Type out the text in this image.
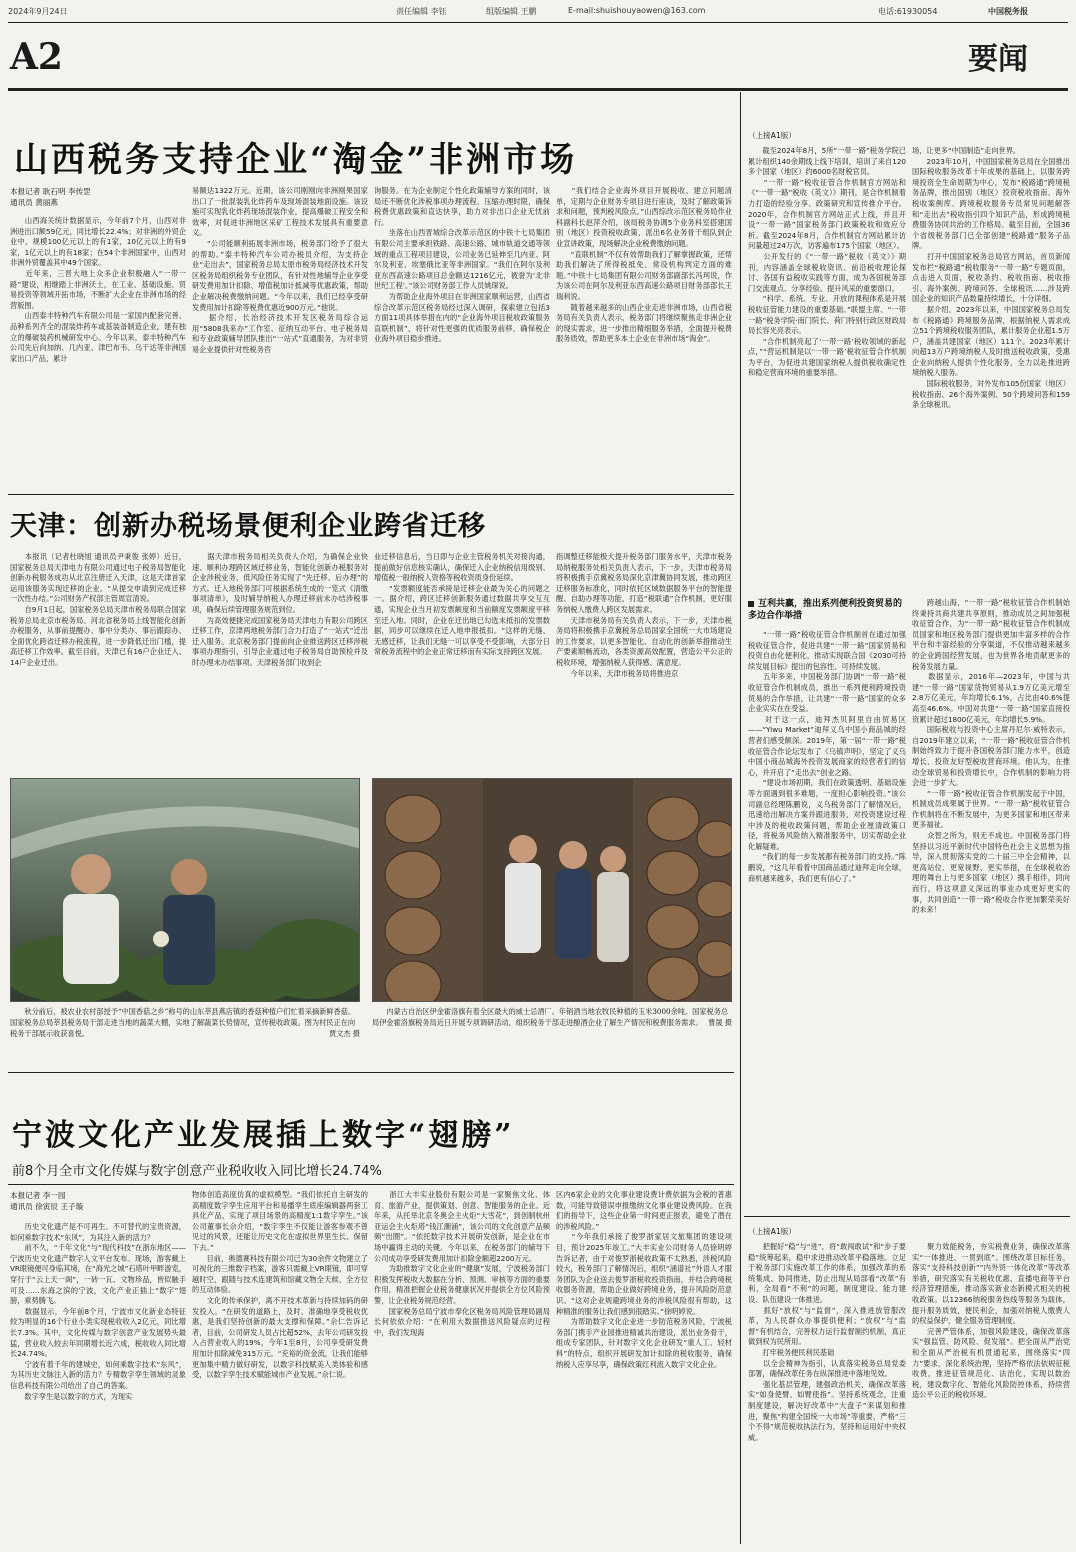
2024年9月24日	责任编辑 李钰	组版编辑 王鹏	E-mail:shuishouyaowen@163.com	电话:61930054	中国税务报
A2	要闻
山西税务支持企业“淘金”非洲市场
本报记者 耿石明 李传罡
通讯员 黄丽燕
　　山西海关统计数据显示，今年前7个月，山西对非洲进出口额59亿元，同比增长22.4%；对非洲的外贸企业中，规模100亿元以上的有1家，10亿元以上的有9家，1亿元以上的有18家；在54个非洲国家中，山西对非洲外贸覆盖其中49个国家。
　　近年来，三晋大地上众多企业积极融入“一带一路”建设，相继踏上非洲沃土，在工业、基础设施、贸易投资等领域开拓市场，不断扩大企业在非洲市场的经营版图。
　　山西泰丰特种汽车有限公司是一家国内配套完善、品种系列齐全的混装炸药车或基装备制造企业，建有独立的爆破装药机械研发中心。今年以来，泰丰特种汽车公司先后向加纳、几内亚、津巴布韦、乌干达等非洲国家出口产品，累计
易额达1322万元。近期，该公司刚刚向非洲刚果国家出口了一批混装乳化炸药车及现场混装地面设施。该设施可实现乳化炸药现场混装作业，提高爆破工程安全和效率，对促进非洲地区采矿工程技术发展具有重要意义。
　　“公司能顺利拓展非洲市场，税务部门给予了很大的帮助。”泰丰特种汽车公司办税员介绍，为支持企业“走出去”，国家税务总局太原市税务局经济技术开发区税务局组织税务专业团队，有针对性地辅导企业享受研发费用加计扣除、增值税加计抵减等优惠政策，帮助企业解决税费缴纳问题。“今年以来，我们已经享受研发费用加计扣除等税费优惠近900万元。”他说。
　　据介绍，长治经济技术开发区税务局综合运用“5808我来办”工作室、征纳互动平台、电子税务局和专业政策辅导团队推出“一站式”直通服务，为对非贸易企业提供针对性税务咨
询服务。在为企业制定个性化政策辅导方案的同时，该局还不断优化涉税事项办理流程、压缩办理时限，确保税费优惠政策和直达快享，助力对非出口企业无忧前行。
　　坐落在山西晋城综合改革示范区的中铁十七局集团有限公司主要承担铁路、高速公路、城市轨道交通等领域的重点工程项目建设，公司业务已延伸至几内亚、阿尔及利亚、埃塞俄比亚等非洲国家。“我们在阿尔及利亚东西高速公路项目总金额达1216亿元，被誉为‘北非世纪工程’。”该公司财务部工作人员姚琛说。
　　为帮助企业海外项目在非洲国家顺利运营，山西省综合改革示范区税务局经过深入调研，探索建立包括3方面11项具体举措在内的“企业海外项目税收政策服务直联机制”，将针对性更强的优质服务前移，确保税企业海外项目稳步推进。
　　“我们结合企业海外项目开展税收、建立问题清单，定期与企业财务专项目进行座谈，及时了解政策诉求和问题，预判税风险点。”山西综改示范区税务局作业科副科长赵萍介绍，该局税务协调5个业务科室搭建国别（地区）投资税收政策，派出6名业务骨干组队到企业宣讲政策，现场解决企业税费缴纳问题。
　　“直联机制”不仅有效帮助我们了解掌握政策，还帮助我们解决了所得税抵免、常设机构判定方面的难题。”中铁十七局集团有限公司财务部副部长冯珂说，作为该公司在阿尔及利亚东西高速公路项目财务部部长王瑞利说。
　　随着越来越多的山西企业走进非洲市场，山西省税务局有关负责人表示，税务部门将继续聚焦走非洲企业的现实需求，进一步推出精细服务举措，全面提升税费服务质效，帮助更多本土企业在非洲市场“淘金”。
天津：创新办税场景便利企业跨省迁移
　　本报讯（记者杜晓旭 通讯员尹秉俊 张婷）近日，国家税务总局天津电力有限公司通过电子税务局智能化创新办税服务成功从北京注册迁入天津，这是天津首家运用该服务实现迁移的企业。“从提交申请到完成迁移一次性办结。”公司财务产权部主管周宣清说。
　　自9月1日起，国家税务总局天津市税务局联合国家税务总局北京市税务局、河北省税务局上线智能化创新办税服务，从事前提醒办、事中分类办、事后跟踪办、全面优化跨省迁移办税流程，进一步降低迁出门槛，提高迁移工作效率。截至目前，天津已有16户企业迁入、14户企业迁出。
　　据天津市税务局相关负责人介绍，为确保企业快速、顺利办理跨区域迁移业务，智能化创新办税服务对企业涉税业务、低风险任务实现了“先迁移、后办理”的方式。迁入地税务部门可根据系统生成的一览式《清缴事项清单》，及时辅导纳税人办理迁移前未办结涉税事项，确保后续管理服务规范到位。
　　为高效便捷完成国家税务局天津电力有限公司跨区迁移工作，京津两地税务部门合力打造了“一站式”迁出迁入服务。北京税务部门提前向企业推送跨区迁移涉税事项办理指引，引导企业通过电子税务局自助预检并及时办理未办结事项。天津税务部门收到企
业迁移信息后，当日即与企业主管税务机关对接沟通，提前做好信息核实确认，确保迁入企业纳税信用级别、增值税一般纳税人资格等税收资质身份延续。
　　“发票额度能否承接是迁移企业最为关心的问题之一。据介绍，跨区迁移创新服务通过数据共享交互互通，实现企业当月初发票额度和当前额度发票额度平移至迁入地。同时，企业在迁出地已勾选未抵扣的发票数据，同步可以继续在迁入地申报抵扣。“这样的无缝、无感迁移，让我们无缝一可以享受不受影响，大部分日常税务流程中的企业正常迁移而有实际支持跨区发展。
指调整迁移能极大提升税务部门服务水平，天津市税务局纳税服务处相关负责人表示，下一步，天津市税务局将积极携手京冀税务局深化京津冀协同发展，推动跨区迁移服务标准化，同时依托区域数据服务平台的智能提醒、自助办理等功能，打造“税联通”合作机制，更好服务纳税人缴费人跨区发展需求。
　　天津市税务局有关负责人表示，下一步，天津市税务局将积极携手京冀税务总局国家全国统一大市场建设的工作要求，以更多智能化、自动化的创新举措推动生产要素顺畅流动，各类资源高效配置，营造公平公正的税收环境，增强纳税人获得感、满意度。
　　今年以来，天津市税务局将推进京
　　秋分前后，被农业农村部授予“中国香菇之乡”称号的山东莘县燕店镇的香菇种植户们忙着采摘新鲜香菇。国家税务总局莘县税务局干部走进当地的蔬菜大棚，实地了解蔬菜长势情况，宣传税收政策。图为村民正在向税务干部展示收获喜悦。	贾文杰 摄
　　内蒙古自治区伊金霍洛旗有着全区最大的威士忌酒厂。年销酒当地农牧民种植的玉米3000余吨。国家税务总局伊金霍洛旗税务局近日开展专项调研活动，组织税务干部走进酿酒企业了解生产情况和税费服务需求。 曹晟 摄
宁波文化产业发展插上数字“翅膀”
前8个月全市文化传媒与数字创意产业税收收入同比增长24.74%
本报记者 李一园
通讯员 徐寅辰 王子璇
　　历史文化遗产是不可再生、不可替代的宝贵资源，如何乘数字技术“东风”，为其注入新的活力？
　　前不久，“千年文化”与“现代科技”在浙东地区——宁波历史文化遗产数字人文平台发布。现场，游客戴上VR眼镜便可身临其境，在“海光之城”石塔叶甲畔游览，穿行于“云上天一阁”，一砖一瓦、文物珍品，皆似触手可及……东海之滨的宁波，文化产业正插上“数字”翅膀，乘势腾飞。
　　数据显示，今年前8个月，宁波市文化新业态特征较为明显的16个行业小类实现税收收入2亿元，同比增长7.3%。其中，文化传媒与数字创意产业发展势头最猛，营业收入较去年同期增长近六成，税收收入同比增长24.74%。
　　宁波有着千年的建城史，如何乘数字技术“东风”，为其历史文脉注入新的活力？专精数字孪生领域的灵象信息科技有限公司给出了自己的答案。
　　数字孪生是以数字的方式，为现实
物体创造高度仿真的虚拟模型。“我们依托自主研发的高精度数字孪生应用平台和易播孪生底座编辑器两套工具化产品，实现了项目场景的高精度1:1数字孪生。”该公司董事长佘介绍，“数字孪生不仅能让游客参观不曾见过的风景，还能让历史文化在虚拟世界里生长、保留下去。”
　　目前，奥德赛科技有限公司已为30余件文物建立了可视化的三维数字档案，游客只需戴上VR眼镜，即可穿越时空，跟随与技术连建筑和馆藏文物全天候、全方位的互动体验。
　　文化的传承保护，离不开技术革新与持续加码的研发投入。“在研发的道路上，及时、准确地享受税收优惠，是我们坚持创新的最大支撑和保障。”佘仁告诉记者，目前，公司研发人员占比超52%，去年公司研发投入占营业收入的19%，今年1至8月，公司享受研发费用加计扣除减免315万元。“充裕的资金流，让我们能够更加集中精力做好研发，以数字科技赋美人类体验和感受，以数字孪生技术赋能城市产业发展。”佘仁说。
　　浙江大丰实业股份有限公司是一家聚焦文化、体育、旅游产业，提供策划、创意、智能服务的企业。近年来，从托举北京冬奥会主火炬“大雪花”，到创制杭州亚运会主火炬塔“钱江潮涌”，该公司的文化创意产品频频“出圈”。“依托数字技术开展研发创新，是企业在市场中赢得主动的关键。今年以来，在税务部门的辅导下公司成功享受研发费用加计扣除金额超2200万元。
　　为助推数字文化企业的“健康”发展，宁波税务部门积极发挥税收大数据在分析、预测、审核等方面的重要作用，精准把握企业税务健康状况并提供全方位风险预警，让企业税务规范经营。
　　国家税务总局宁波市奉化区税务局风险管理局副局长何依依介绍：“在利用大数据推送风险疑点的过程中，我们发现海
区内6家企业的文化事业建设费计费依据为会税的普惠数，可能导致错误申报缴纳文化事业建设费风险。在我们的指导下，这些企业第一时间更正报表，避免了潜在的涉税风险。”
　　“今年我们承接了俊罗浙家居文旅集团的建设项目，预计2025年竣工。”大丰实业公司财务人员徐明婷告诉记者，由于对俊罗浙税收政策不太熟悉，涉税风险较大，税务部门了解情况后，组织“涵谱社”外语人才服务团队为企业送去俊罗浙税收投资指南，并结合跨境税收服务资源，帮助企业做好跨境业务，提升风险防范意识。“这对企业规避跨境业务的涉税风险很有帮助，这种精准的服务让我们感到很踏实。”徐明婷说。
　　为帮助数字文化企业进一步防范税务风险，宁波税务部门携手产业园推进精诚共治建设，派出业务骨干，组成专家团队，针对数字文化企业研发“重人工、轻材料”的特点，组织开展研发加计扣除的税收服务，确保纳税人应享尽享，确保政策红利流入数字文化企业。
（上接A1版）
　　截至2024年8月，5所“一带一路”税务学院已累计组织140余期线上线下培训，培训了来自120多个国家（地区）约6000名财税官员。
　　“一带一路”税收征管合作机制官方网站和《“一带一路”税收（英文）》期刊，是合作机制着力打造的经验分享、政策研究和宣传推介平台。2020年，合作机制官方网站正式上线，并且开设“一带一路”国家税务部门政策税收和效应分析。截至2024年8月，合作机制官方网站累计访问量超过24万次，访客遍布175个国家（地区）。
　　公开发行的《“一带一路”税收（英文）》期刊，内容涵盖全球税收资讯、前沿税收理论探讨、各国有益税收实践等方面，成为各国税务部门交流观点、分享经验、提升风采的重要窗口。
　　“科学、系统、专业、开放的课程体系是开展税收征管能力建设的重要基础。”联盟主席、“一带一路”税务学院·南门院长、荷门特别行政区财政局局长容光亮表示。
　　“合作机制亮起了‘一带一路’税收领域的新起点，”“营运机制是以‘一带一路’税收征管合作机制为平台，为促进共建国家纳税人提供税收确定性和稳定营商环境的重要举措。
场，让更多“中国制造”走向世界。
　　2023年10月，中国国家税务总局在全国推出国际税收服务改革十年成果的基础上，以服务跨境投资全生命周期为中心，发布“税路通”跨境税务品牌，推出国别（地区）投资税收指南、海外税收案例库、跨境税收服务专员常见问题解答和“走出去”税收指引四个知识产品，形成跨境税费服务协同共治的工作格局。截至目前，全国36个省级税务部门已全部创建“税路通”服务子品牌。
　　打开中国国家税务总局官方网站，首页新闻发布栏“税路通”税收服务“一带一路”专题页面，点击进入页面，税收条约、税收指南、税收指引、海外案例、跨境问答、全球税讯……涉及跨国企业的知识产品数量持续增长，十分详细。
　　据介绍，2023年以来，中国国家税务总局发布《税路通》跨境服务品牌，根据纳税人需求成立51个跨境税收服务团队，累计服务企业超1.5万户，涵盖共建国家（地区）111个。2023年累计向超13万户跨境纳税人及时推送税收政策，受惠企业向纳税人提供个性化服务，全力以赴推进跨境纳税人服务。
　　国际税收服务，对外发布105份国家（地区）税收指南、26个海外案例、50个跨境问答和159条全球税讯。
互利共赢，推出系列便利投资贸易的多边合作举措
　　“一带一路”税收征管合作机制首在通过加强税收征管合作，促进共建“一带一路”国家贸易和投资自由化便利化，推动实现联合国《2030可持续发展目标》提出的包容性、可持续发展。
　　五年多来，中国税务部门协调“一带一路”税收征管合作机制成员，推出一系列便利跨境投资贸易的合作举措，让共建“一带一路”国家的众多企业实实在在受益。
　　对于这一点，迪拜杰贝阿里自由贸易区——“Yiwu Market”迪拜义乌中国小商品城的经营者们感受颇深。2019年，第一届“一带一路”税收征管合作论坛发布了《乌镇声明》，坚定了义乌中国小商品城海外投资发展商家的经营者们的信心，并开启了“走出去”创业之路。
　　“建设市场初期，我们在政策透明、基础设施等方面遇到很多难题，一度担心影响投资。”该公司副总经理陈鹏说，义乌税务部门了解情况后，迅速给出解决方案并跟进服务，对投资建设过程中涉及的税收政策问题，帮助企业厘清政策口径，将税务风险纳入精准服务中，切实帮助企业化解疑难。
　　“我们的每一步发展都有税务部门的支持。”陈鹏说，“这几年看着中国商品通过迪拜走向全球，商机越来越多，我们更有信心了。”
　　跨越山海，“一带一路”税收征管合作机制始终秉持共商共建共享原则，推动成员之间加强税收征管合作，为“一带一路”税收征管合作机制成员国家和地区税务部门提供更加丰富多样的合作平台和丰富经验的分享渠道，不仅推动越来越多的企业跨国经营发展，也为世界各地贡献更多的税务发展力量。
　　数据显示，2016年—2023年，中国与共建“一带一路”国家货物贸易从1.9万亿美元增至2.8万亿美元，年均增长6.1%，占比由40.6%提高至46.6%。中国对共建“一带一路”国家直接投资累计超过1800亿美元，年均增长5.9%。
　　国际税收与投资中心主席丹尼尔·威特表示，自2019年建立以来，“一带一路”税收征管合作机制始终致力于提升各国税务部门能力水平，创造增长、投资友好型税收营商环境。他认为，在推动全球贸易和投资增长中，合作机制的影响力将会进一步扩大。
　　“一带一路”税收征管合作机制发起于中国，机制成员成果属于世界。“一带一路”税收征管合作机制将在不断发展中，为更多国家和地区带来更多福祉。
　　众智之所为，则无不成也。中国税务部门将坚持以习近平新时代中国特色社会主义思想为指导，深入贯彻落实党的二十届三中全会精神，以更高站位、更宽视野、更实举措，在全球税收治理的舞台上与更多国家（地区）携手相伴，同向而行，将这项意义深远的事业办成更好更实的事，共同创造“一带一路”税收合作更加繁荣美好的未来！
（上接A1版）
　　把握好“稳”与“进”，将“敢闯敢试”和“步子要稳”统筹起来，稳中求进推动改革平稳落地。立足于税务部门实施改革工作的体系，加强改革的系统集成、协同推进，防止出现从局部看“改革”有利、全局看“不利”的问题。制度建设、能力建设、队伍建设一体推进。
　　抓好“放权”与“监督”，深入推进放管服改革，为人民群众办事提供便利；“放权”与“监督”有机结合，完善权力运行监督制约机制，真正做到权为民所用。
　　打牢税务便民利民基础
　　以全会精神为指引，认真落实税务总局党委部署，确保改革任务在纵深推进中落地见效。
　　强化基层管理，建强政治机关，确保改革落实“如身使臂、如臂使指”。坚持系统观念，注重制度建设，解决好改革中“大盘子”来谋划和推进，聚焦“构建全国统一大市场”等重要，严格“三个不得”规范税收执法行为，坚持和运用好中央权威。
　　聚力效能税务，夯实税费业务，确保改革落实“一体推进、一贯到底”。围绕改革目标任务，落实“支持科技创新”“内外贸一体化改革”等改革举措，研究落实有关税收优惠、直播电商等平台经济管理措施，推动落实新业态新模式相关的税收政策。以12366纳税服务热线等服务为载体，提升服务质效，便民利企，加强对纳税人缴费人的权益保护，健全服务管理制度。
　　完善严管体系，加强风险建设，确保改革落实“强监管、防风险、促发展”。把全面从严治党和全面从严治税有机贯通起来，围绕落实“四力”要求，深化系统治理，坚持严格依法依规征税收费，推进征管规范化、法治化，实现以数治税，建设数字化、智能化风险防控体系，持续营造公平公正的税收环境。
